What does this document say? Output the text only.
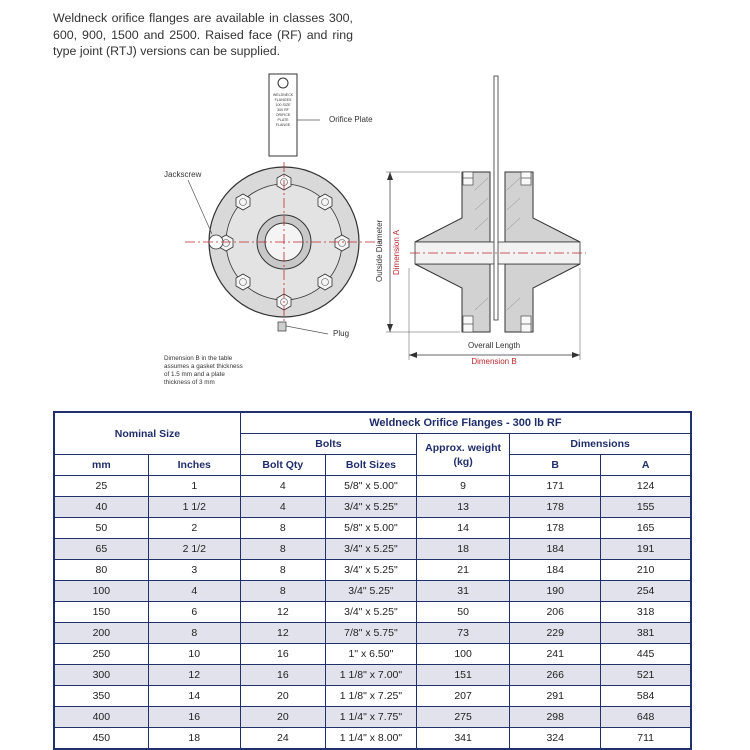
Weldneck orifice flanges are available in classes 300, 600, 900, 1500 and 2500. Raised face (RF) and ring type joint (RTJ) versions can be supplied.

WELDNECK
FLANGES
100 SIZE
300 RF
ORIFICE
PLATE
FLANGE
Orifice Plate
Jackscrew
Plug
Dimension B in the table
assumes a gasket thickness
of 1.5 mm and a plate
thickness of 3 mm
Outside Diameter Dimension A
Overall Length
Dimension B
Nominal Size		Weldneck Orifice Flanges - 300 lb RF				
		Bolts		Approx. weight (kg)	Dimensions	
mm	Inches	Bolt Qty	Bolt Sizes		B	A
25	1	4	5/8" x 5.00"	9	171	124
40	1 1/2	4	3/4" x 5.25"	13	178	155
50	2	8	5/8" x 5.00"	14	178	165
65	2 1/2	8	3/4" x 5.25"	18	184	191
80	3	8	3/4" x 5.25"	21	184	210
100	4	8	3/4" 5.25"	31	190	254
150	6	12	3/4" x 5.25"	50	206	318
200	8	12	7/8" x 5.75"	73	229	381
250	10	16	1" x 6.50"	100	241	445
300	12	16	1 1/8" x 7.00"	151	266	521
350	14	20	1 1/8" x 7.25"	207	291	584
400	16	20	1 1/4" x 7.75"	275	298	648
450	18	24	1 1/4" x 8.00"	341	324	711
